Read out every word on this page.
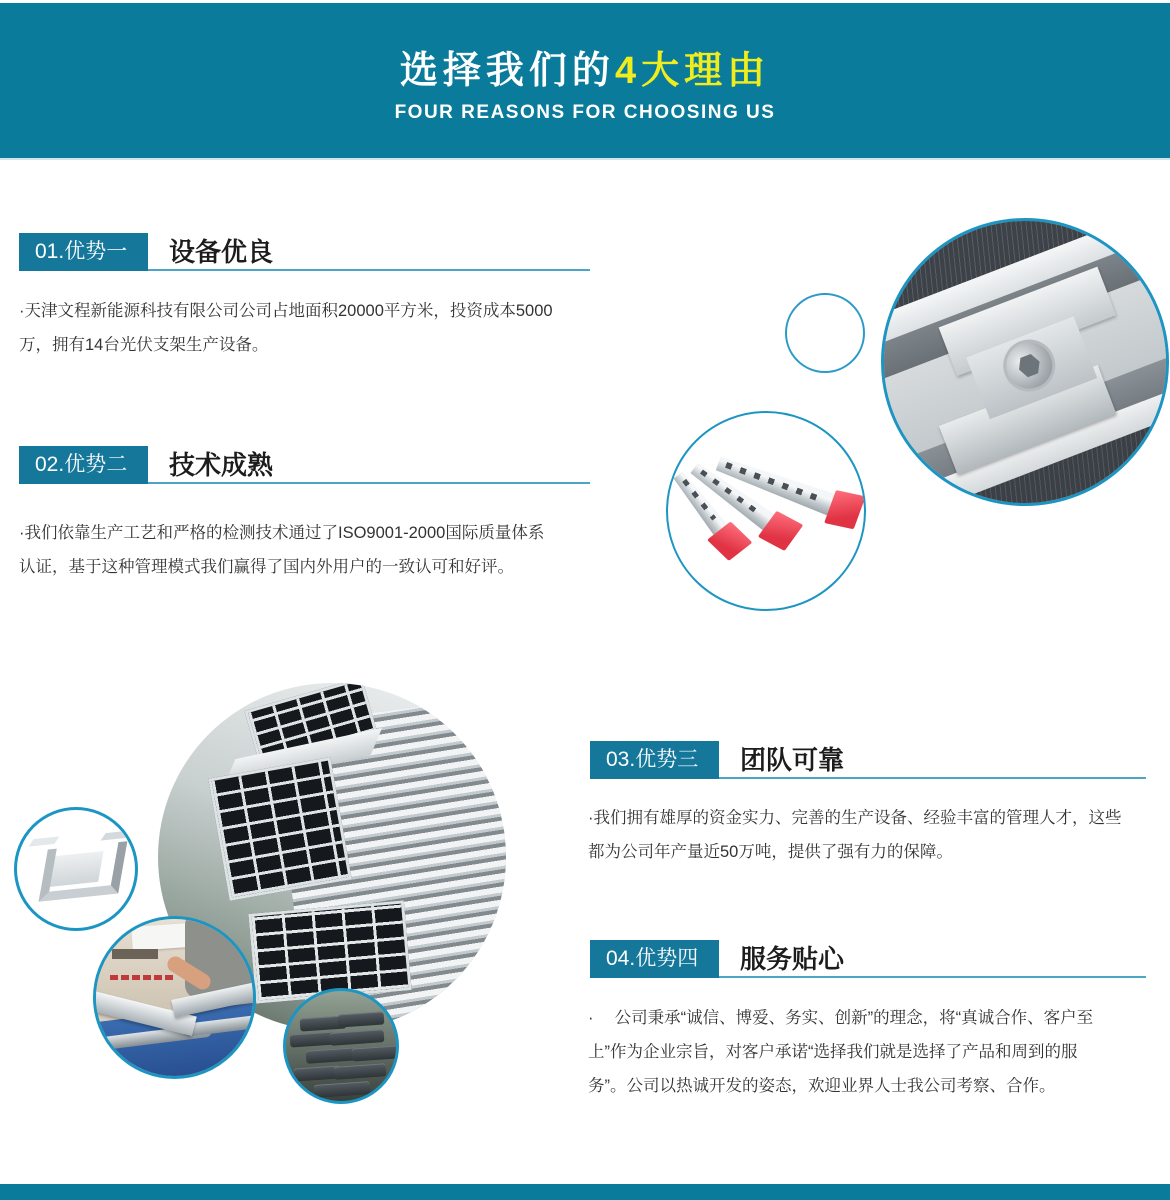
选择我们的4大理由
FOUR REASONS FOR CHOOSING US
01.优势一	设备优良

·天津文程新能源科技有限公司公司占地面积20000平方米，投资成本5000
万，拥有14台光伏支架生产设备。

02.优势二	技术成熟

·我们依靠生产工艺和严格的检测技术通过了ISO9001-2000国际质量体系
认证，基于这种管理模式我们赢得了国内外用户的一致认可和好评。

03.优势三	团队可靠

·我们拥有雄厚的资金实力、完善的生产设备、经验丰富的管理人才，这些
都为公司年产量近50万吨，提供了强有力的保障。

04.优势四	服务贴心

·　 公司秉承“诚信、博爱、务实、创新”的理念，将“真诚合作、客户至
上”作为企业宗旨，对客户承诺“选择我们就是选择了产品和周到的服
务”。公司以热诚开发的姿态，欢迎业界人士我公司考察、合作。
